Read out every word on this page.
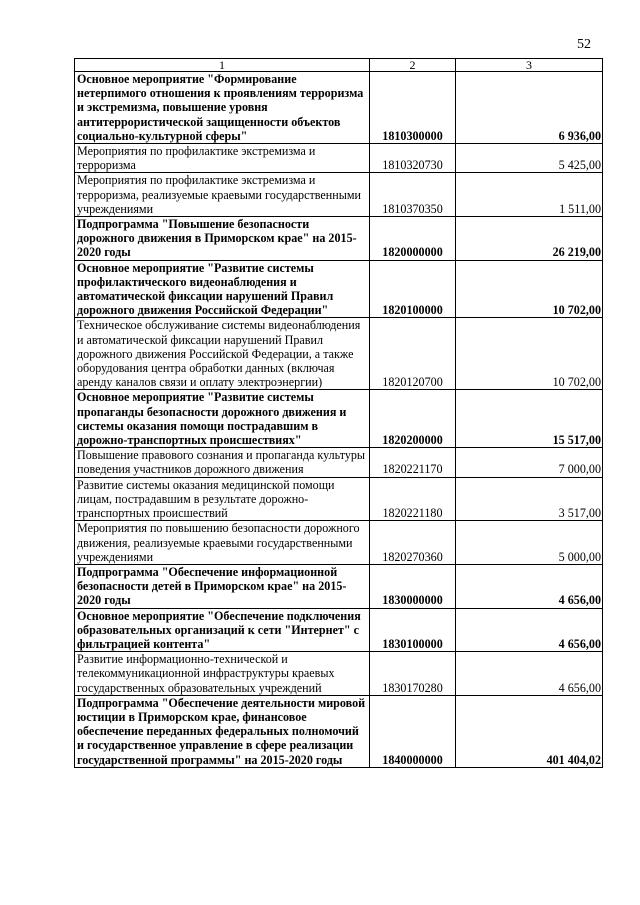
52
1	2	3
Основное мероприятие "Формирование нетерпимого отношения к проявлениям терроризма и экстремизма, повышение уровня антитеррористической защищенности объектов социально-культурной сферы"	1810300000	6 936,00
Мероприятия по профилактике экстремизма и терроризма	1810320730	5 425,00
Мероприятия по профилактике экстремизма и терроризма, реализуемые краевыми государственными учреждениями	1810370350	1 511,00
Подпрограмма "Повышение безопасности дорожного движения в Приморском крае" на 2015-2020 годы	1820000000	26 219,00
Основное мероприятие "Развитие системы профилактического видеонаблюдения и автоматической фиксации нарушений Правил дорожного движения Российской Федерации"	1820100000	10 702,00
Техническое обслуживание системы видеонаблюдения и автоматической фиксации нарушений Правил дорожного движения Российской Федерации, а также оборудования центра обработки данных (включая аренду каналов связи и оплату электроэнергии)	1820120700	10 702,00
Основное мероприятие "Развитие системы пропаганды безопасности дорожного движения и системы оказания помощи пострадавшим в дорожно-транспортных происшествиях"	1820200000	15 517,00
Повышение правового сознания и пропаганда культуры поведения участников дорожного движения	1820221170	7 000,00
Развитие системы оказания медицинской помощи лицам, пострадавшим в результате дорожно-транспортных происшествий	1820221180	3 517,00
Мероприятия по повышению безопасности дорожного движения, реализуемые краевыми государственными учреждениями	1820270360	5 000,00
Подпрограмма "Обеспечение информационной безопасности детей в Приморском крае" на 2015-2020 годы	1830000000	4 656,00
Основное мероприятие "Обеспечение подключения образовательных организаций к сети "Интернет" с фильтрацией контента"	1830100000	4 656,00
Развитие информационно-технической и телекоммуникационной инфраструктуры краевых государственных образовательных учреждений	1830170280	4 656,00
Подпрограмма "Обеспечение деятельности мировой юстиции в Приморском крае, финансовое обеспечение переданных федеральных полномочий и государственное управление в сфере реализации государственной программы" на 2015-2020 годы	1840000000	401 404,02
